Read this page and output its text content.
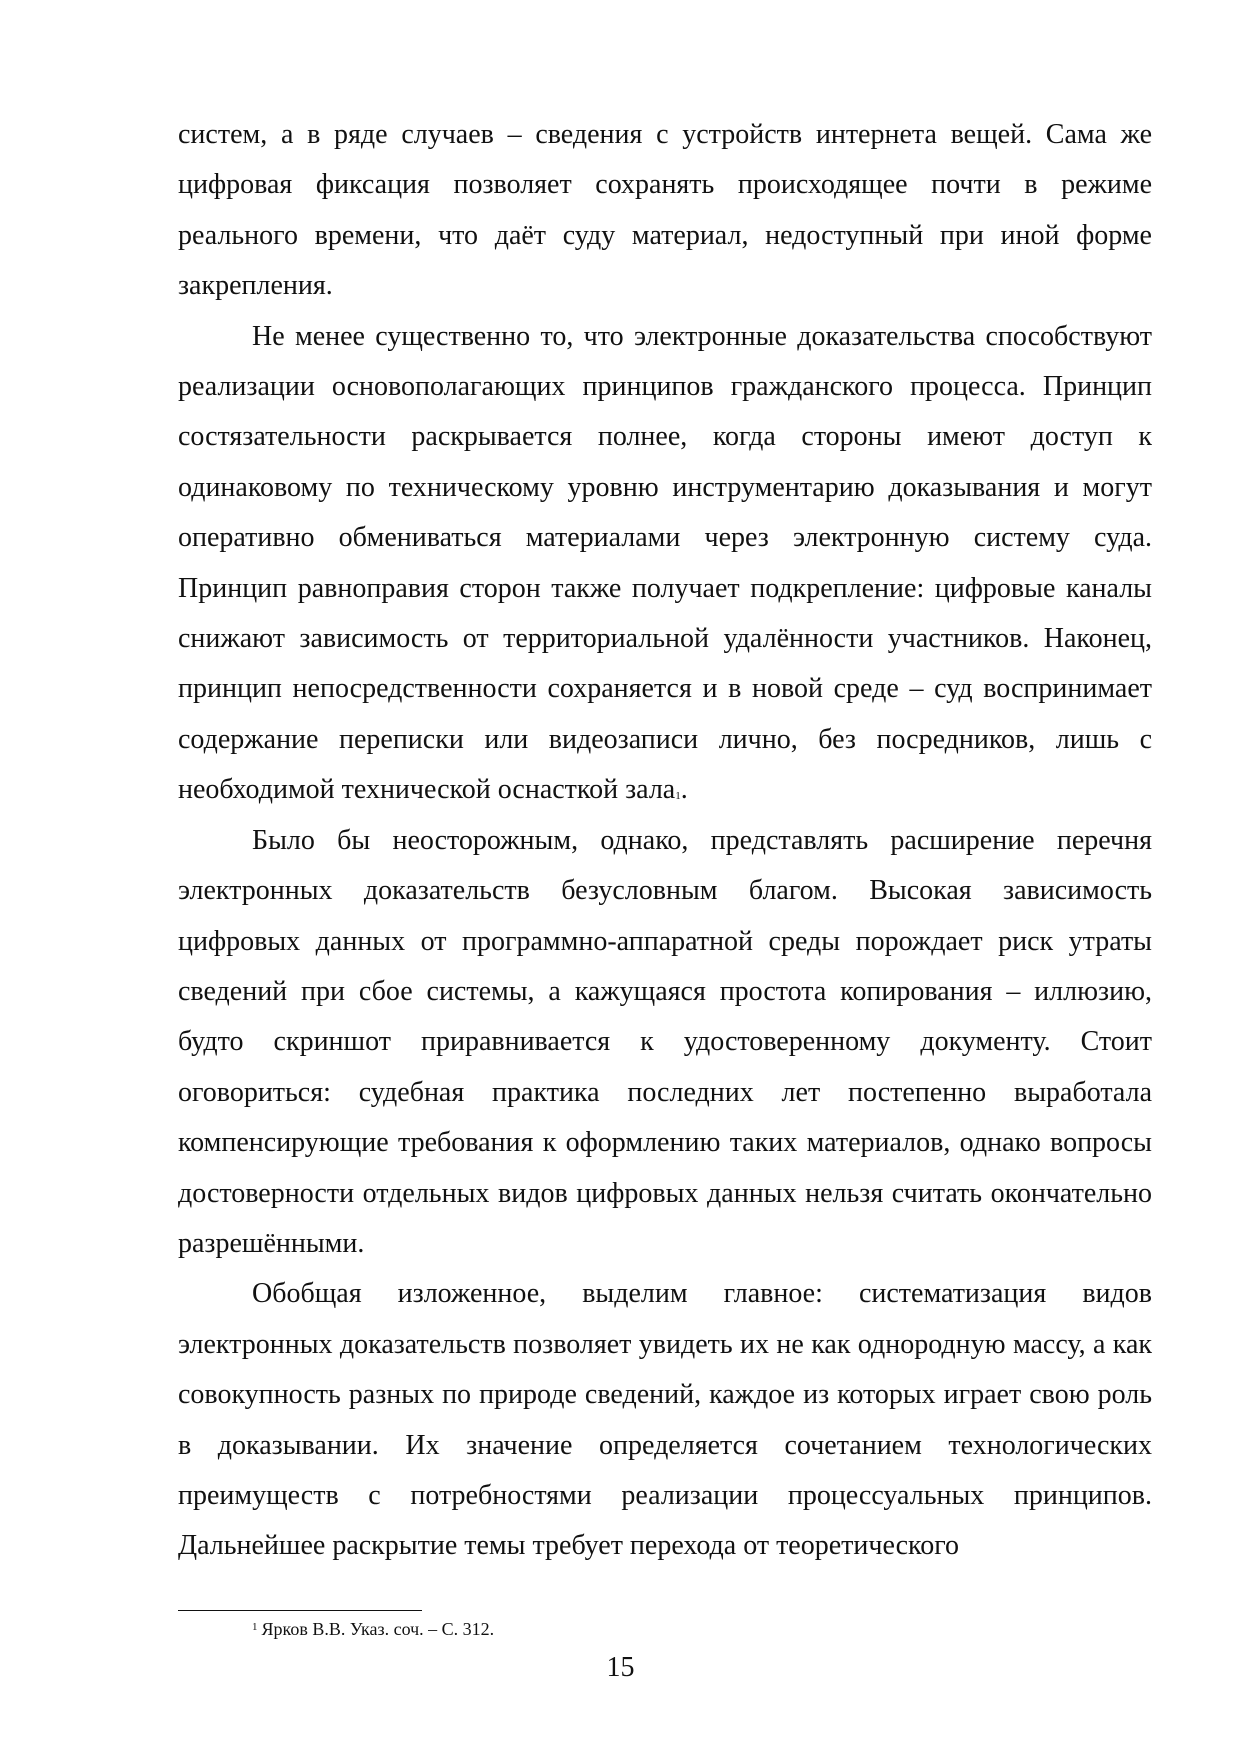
систем, а в ряде случаев – сведения с устройств интернета вещей. Сама же цифровая фиксация позволяет сохранять происходящее почти в режиме реального времени, что даёт суду материал, недоступный при иной форме закрепления.

Не менее существенно то, что электронные доказательства способствуют реализации основополагающих принципов гражданского процесса. Принцип состязательности раскрывается полнее, когда стороны имеют доступ к одинаковому по техническому уровню инструментарию доказывания и могут оперативно обмениваться материалами через электронную систему суда. Принцип равноправия сторон также получает подкрепление: цифровые каналы снижают зависимость от территориальной удалённости участников. Наконец, принцип непосредственности сохраняется и в новой среде – суд воспринимает содержание переписки или видеозаписи лично, без посредников, лишь с необходимой технической оснасткой зала$^1$.

Было бы неосторожным, однако, представлять расширение перечня электронных доказательств безусловным благом. Высокая зависимость цифровых данных от программно-аппаратной среды порождает риск утраты сведений при сбое системы, а кажущаяся простота копирования – иллюзию, будто скриншот приравнивается к удостоверенному документу. Стоит оговориться: судебная практика последних лет постепенно выработала компенсирующие требования к оформлению таких материалов, однако вопросы достоверности отдельных видов цифровых данных нельзя считать окончательно разрешёнными.

Обобщая изложенное, выделим главное: систематизация видов электронных доказательств позволяет увидеть их не как однородную массу, а как совокупность разных по природе сведений, каждое из которых играет свою роль в доказывании. Их значение определяется сочетанием технологических преимуществ с потребностями реализации процессуальных принципов. Дальнейшее раскрытие темы требует перехода от теоретического

$^1$ Ярков В.В. Указ. соч. – С. 312.
15
